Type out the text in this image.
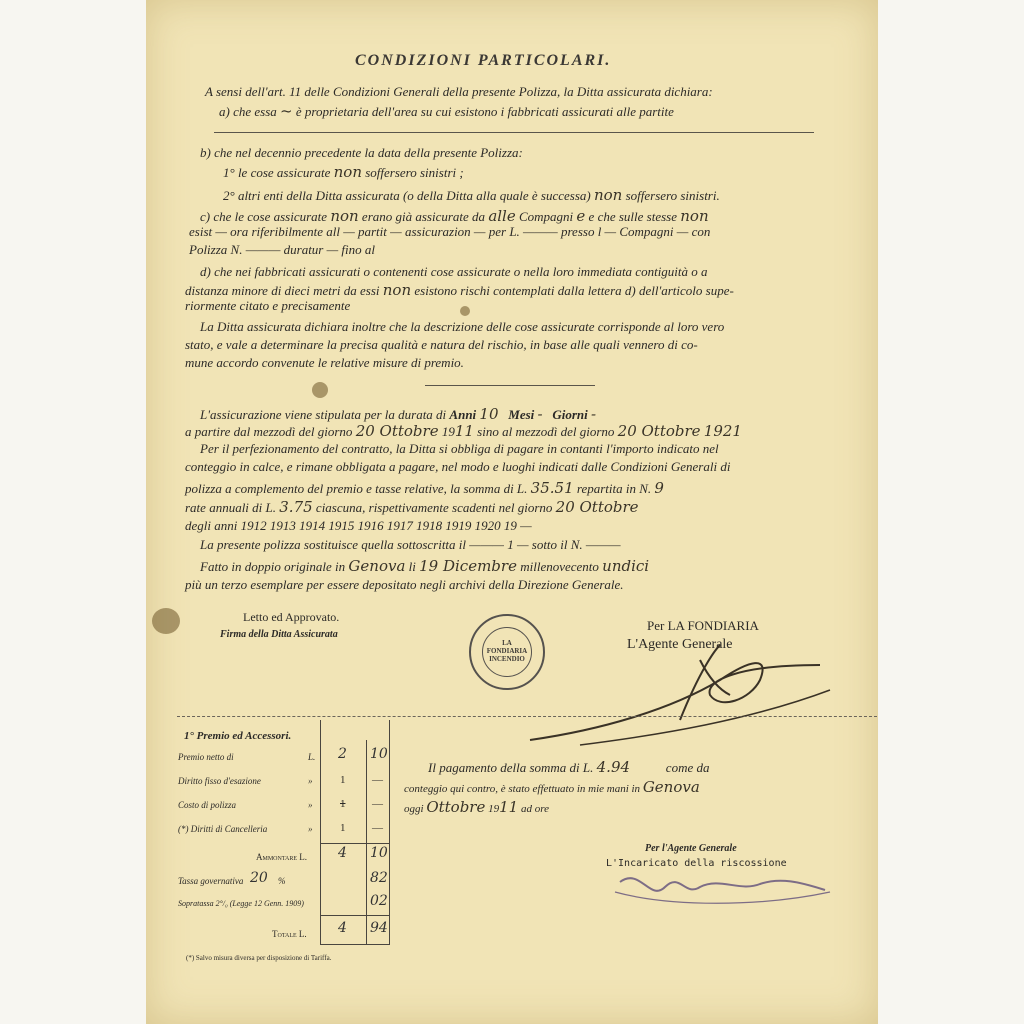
CONDIZIONI PARTICOLARI.
A sensi dell'art. 11 delle Condizioni Generali della presente Polizza, la Ditta assicurata dichiara:
a) che essa ~ è proprietaria dell'area su cui esistono i fabbricati assicurati alle partite
b) che nel decennio precedente la data della presente Polizza:
1° le cose assicurate non soffersero sinistri ;
2° altri enti della Ditta assicurata (o della Ditta alla quale è successa) non soffersero sinistri.
c) che le cose assicurate non erano già assicurate da alle Compagni e e che sulle stesse non
esist — ora riferibilmente all — partit — assicurazion — per L. ——— presso l — Compagni — con
Polizza N. ——— duratur — fino al
d) che nei fabbricati assicurati o contenenti cose assicurate o nella loro immediata contiguità o a
distanza minore di dieci metri da essi non esistono rischi contemplati dalla lettera d) dell'articolo supe-
riormente citato e precisamente
La Ditta assicurata dichiara inoltre che la descrizione delle cose assicurate corrisponde al loro vero
stato, e vale a determinare la precisa qualità e natura del rischio, in base alle quali vennero di co-
mune accordo convenute le relative misure di premio.
L'assicurazione viene stipulata per la durata di Anni 10 Mesi - Giorni -
a partire dal mezzodì del giorno 20 Ottobre 1911 sino al mezzodì del giorno 20 Ottobre 1921
Per il perfezionamento del contratto, la Ditta si obbliga di pagare in contanti l'importo indicato nel
conteggio in calce, e rimane obbligata a pagare, nel modo e luoghi indicati dalle Condizioni Generali di
polizza a complemento del premio e tasse relative, la somma di L. 35.51 repartita in N. 9
rate annuali di L. 3.75 ciascuna, rispettivamente scadenti nel giorno 20 Ottobre
degli anni 1912 1913 1914 1915 1916 1917 1918 1919 1920 19 —
La presente polizza sostituisce quella sottoscritta il ——— 1 — sotto il N. ———
Fatto in doppio originale in Genova li 19 Dicembre millenovecento undici
più un terzo esemplare per essere depositato negli archivi della Direzione Generale.
Letto ed Approvato.
Firma della Ditta Assicurata
LA
FONDIARIA
INCENDIO
Per LA FONDIARIA
L'Agente Generale
1° Premio ed Accessori.
Premio netto di	L. 2 10
Diritto fisso d'esazione	»	1 —
Costo di polizza	»	1 —
(*) Diritti di Cancelleria	»	1 —
Ammontare L. 4 10
Tassa governativa 20 %	82
Sopratassa 2°/₀ (Legge 12 Genn. 1909)	02
Totale L. 4 94
(*) Salvo misura diversa per disposizione di Tariffa.
Il pagamento della somma di L. 4.94	come da
conteggio qui contro, è stato effettuato in mie mani in Genova
oggi Ottobre 1911 ad ore
Per l'Agente Generale
L'Incaricato della riscossione
